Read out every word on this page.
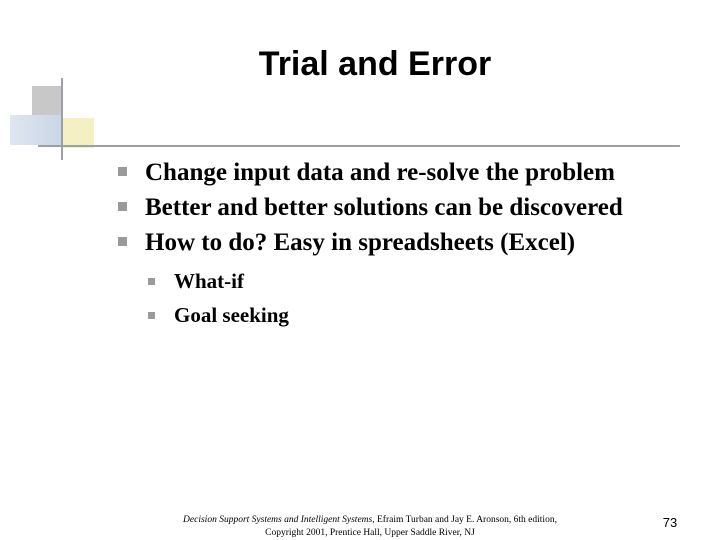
Trial and Error
Change input data and re-solve the problem
Better and better solutions can be discovered
How to do? Easy in spreadsheets (Excel)
What-if
Goal seeking
Decision Support Systems and Intelligent Systems, Efraim Turban and Jay E. Aronson, 6th edition,
Copyright 2001, Prentice Hall, Upper Saddle River, NJ
73
